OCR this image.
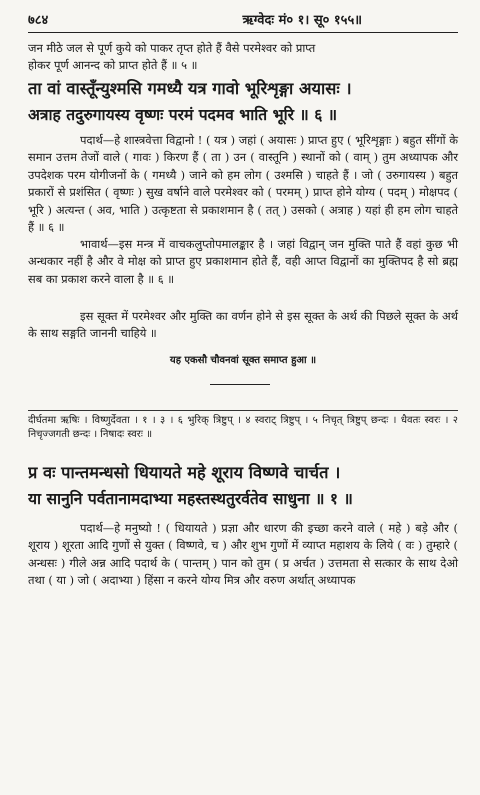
७८४	ऋग्वेदः मं० १। सू० १५५॥

जन मीठे जल से पूर्ण कुये को पाकर तृप्त होते हैं वैसे परमेश्वर को प्राप्त

होकर पूर्ण आनन्द को प्राप्त होते हैं ॥ ५ ॥

ता वां वास्तूँन्युश्मसि गमध्यै यत्र गावो भूरिशृङ्गा अयासः ।

अत्राह तदुरुगायस्य वृष्णः परमं पदमव भाति भूरि ॥ ६ ॥

पदार्थ—हे शास्त्रवेत्ता विद्वानो ! ( यत्र ) जहां ( अयासः ) प्राप्त हुए ( भूरिशृङ्गाः ) बहुत सींगों के समान उत्तम तेजों वाले ( गावः ) किरण हैं ( ता ) उन ( वास्तूनि ) स्थानों को ( वाम् ) तुम अध्यापक और उपदेशक परम योगीजनों के ( गमध्यै ) जाने को हम लोग ( उश्मसि ) चाहते हैं । जो ( उरुगायस्य ) बहुत प्रकारों से प्रशंसित ( वृष्णः ) सुख वर्षाने वाले परमेश्वर को ( परमम् ) प्राप्त होने योग्य ( पदम् ) मोक्षपद ( भूरि ) अत्यन्त ( अव, भाति ) उत्कृष्टता से प्रकाशमान है ( तत् ) उसको ( अत्राह ) यहां ही हम लोग चाहते हैं ॥ ६ ॥

भावार्थ—इस मन्त्र में वाचकलुप्तोपमालङ्कार है । जहां विद्वान् जन मुक्ति पाते हैं वहां कुछ भी अन्धकार नहीं है और वे मोक्ष को प्राप्त हुए प्रकाशमान होते हैं, वही आप्त विद्वानों का मुक्तिपद है सो ब्रह्म सब का प्रकाश करने वाला है ॥ ६ ॥

इस सूक्त में परमेश्वर और मुक्ति का वर्णन होने से इस सूक्त के अर्थ की पिछले सूक्त के अर्थ के साथ सङ्गति जाननी चाहिये ॥

यह एकसौ चौवनवां सूक्त समाप्त हुआ ॥

दीर्घतमा ऋषिः । विष्णुर्देवता । १ । ३ । ६ भुरिक् त्रिष्टुप् । ४ स्वराट् त्रिष्टुप् । ५ निचृत् त्रिष्टुप् छन्दः । धैवतः स्वरः । २ निचृज्जगती छन्दः । निषादः स्वरः ॥

प्र वः पान्तमन्धसो धियायते महे शूराय विष्णवे चार्चत ।

या सानुनि पर्वतानामदाभ्या महस्तस्थतुरर्वतेव साधुना ॥ १ ॥

पदार्थ—हे मनुष्यो ! ( धियायते ) प्रज्ञा और धारण की इच्छा करने वाले ( महे ) बड़े और ( शूराय ) शूरता आदि गुणों से युक्त ( विष्णवे, च ) और शुभ गुणों में व्याप्त महाशय के लिये ( वः ) तुम्हारे ( अन्धसः ) गीले अन्न आदि पदार्थ के ( पान्तम् ) पान को तुम ( प्र अर्चत ) उत्तमता से सत्कार के साथ देओ तथा ( या ) जो ( अदाभ्या ) हिंसा न करने योग्य मित्र और वरुण अर्थात् अध्यापक
